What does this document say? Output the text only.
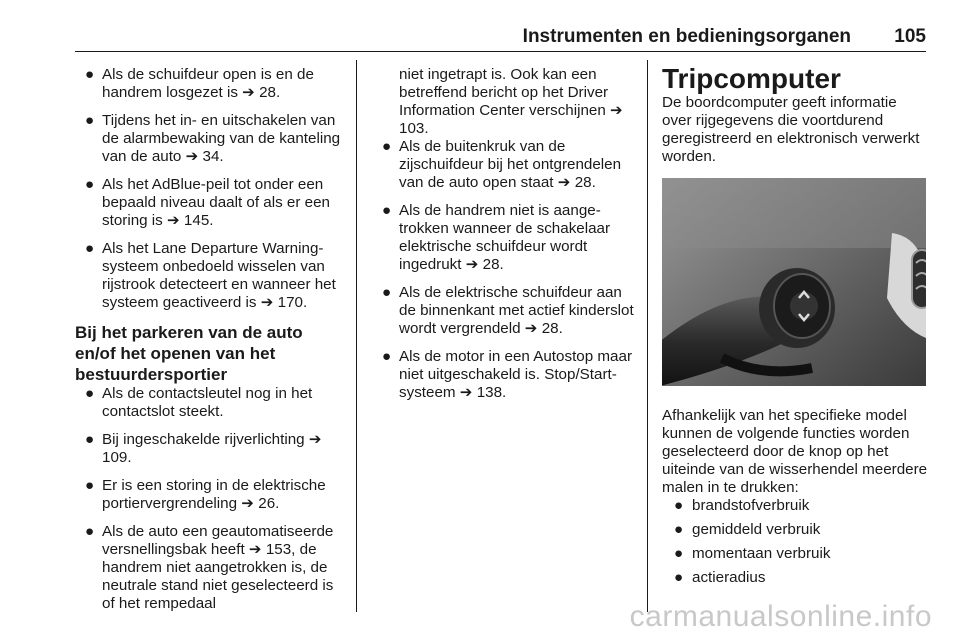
Instrumenten en bedieningsorganen 105
● Als de schuifdeur open is en de handrem losgezet is ➔ 28.

● Tijdens het in- en uitschakelen van de alarmbewaking van de kanteling van de auto ➔ 34.

● Als het AdBlue-peil tot onder een bepaald niveau daalt of als er een storing is ➔ 145.

● Als het Lane Departure Warning-systeem onbedoeld wisselen van rijstrook detecteert en wanneer het systeem geactiveerd is ➔ 170.

Bij het parkeren van de auto en/of het openen van het bestuurdersportier

● Als de contactsleutel nog in het contactslot steekt.

● Bij ingeschakelde rijverlichting ➔ 109.

● Er is een storing in de elektrische portiervergrendeling ➔ 26.

● Als de auto een geautomatiseerde versnellingsbak heeft ➔ 153, de handrem niet aangetrokken is, de neutrale stand niet geselecteerd is of het rempedaal

niet ingetrapt is. Ook kan een betreffend bericht op het Driver Information Center verschijnen ➔ 103.

● Als de buitenkruk van de zijschuifdeur bij het ontgrendelen van de auto open staat ➔ 28.

● Als de handrem niet is aangetrokken wanneer de schakelaar elektrische schuifdeur wordt ingedrukt ➔ 28.

● Als de elektrische schuifdeur aan de binnenkant met actief kinderslot wordt vergrendeld ➔ 28.

● Als de motor in een Autostop maar niet uitgeschakeld is. Stop/Start-systeem ➔ 138.

Tripcomputer

De boordcomputer geeft informatie over rijgegevens die voortdurend geregistreerd en elektronisch verwerkt worden.

Afhankelijk van het specifieke model kunnen de volgende functies worden geselecteerd door de knop op het uiteinde van de wisserhendel meerdere malen in te drukken:

● brandstofverbruik

● gemiddeld verbruik

● momentaan verbruik

● actieradius

carmanualsonline.info
